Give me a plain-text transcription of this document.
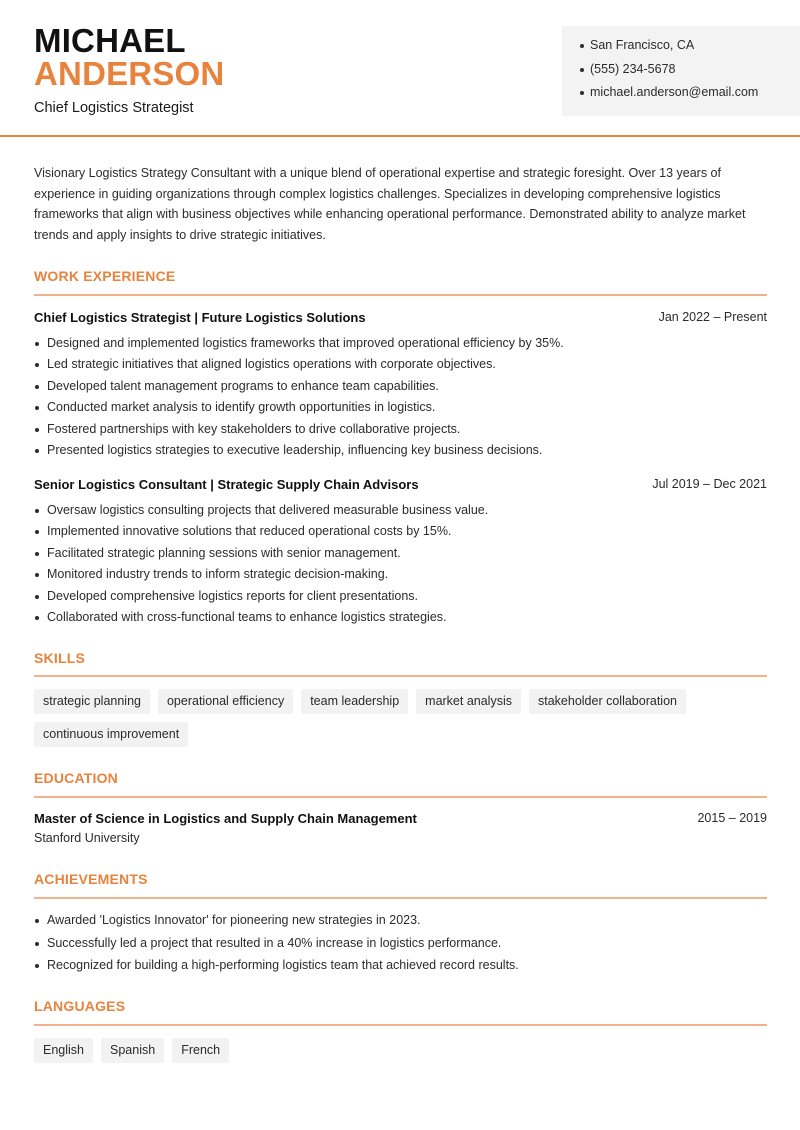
MICHAEL
ANDERSON
Chief Logistics Strategist
San Francisco, CA
(555) 234-5678
michael.anderson@email.com

Visionary Logistics Strategy Consultant with a unique blend of operational expertise and strategic foresight. Over 13 years of experience in guiding organizations through complex logistics challenges. Specializes in developing comprehensive logistics frameworks that align with business objectives while enhancing operational performance. Demonstrated ability to analyze market trends and apply insights to drive strategic initiatives.

WORK EXPERIENCE
Chief Logistics Strategist | Future Logistics Solutions	Jan 2022 – Present
Designed and implemented logistics frameworks that improved operational efficiency by 35%.
Led strategic initiatives that aligned logistics operations with corporate objectives.
Developed talent management programs to enhance team capabilities.
Conducted market analysis to identify growth opportunities in logistics.
Fostered partnerships with key stakeholders to drive collaborative projects.
Presented logistics strategies to executive leadership, influencing key business decisions.
Senior Logistics Consultant | Strategic Supply Chain Advisors	Jul 2019 – Dec 2021
Oversaw logistics consulting projects that delivered measurable business value.
Implemented innovative solutions that reduced operational costs by 15%.
Facilitated strategic planning sessions with senior management.
Monitored industry trends to inform strategic decision-making.
Developed comprehensive logistics reports for client presentations.
Collaborated with cross-functional teams to enhance logistics strategies.
SKILLS
strategic planning	operational efficiency	team leadership	market analysis	stakeholder collaboration
continuous improvement
EDUCATION
Master of Science in Logistics and Supply Chain Management	2015 – 2019
Stanford University
ACHIEVEMENTS
Awarded 'Logistics Innovator' for pioneering new strategies in 2023.
Successfully led a project that resulted in a 40% increase in logistics performance.
Recognized for building a high-performing logistics team that achieved record results.
LANGUAGES
English	Spanish	French
